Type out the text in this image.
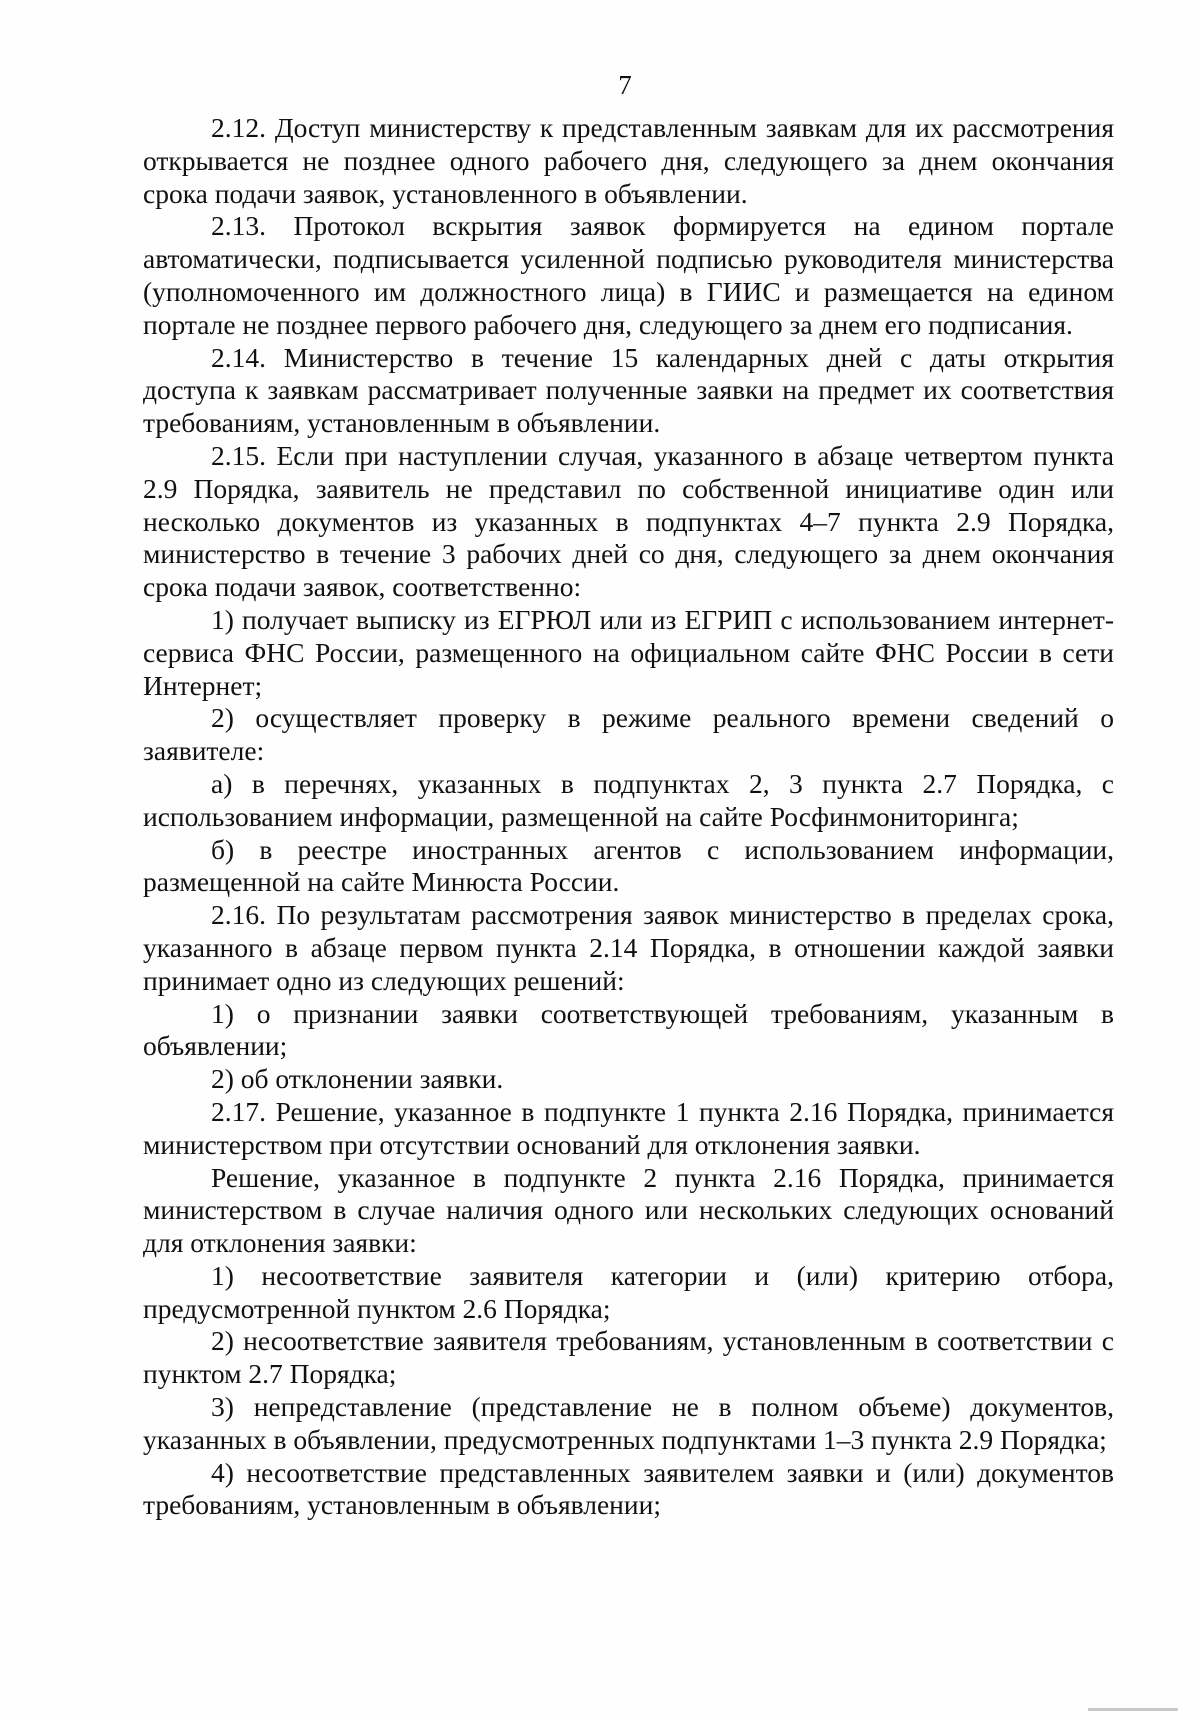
7

2.12. Доступ министерству к представленным заявкам для их рассмотрения открывается не позднее одного рабочего дня, следующего за днем окончания срока подачи заявок, установленного в объявлении.

2.13. Протокол вскрытия заявок формируется на едином портале автоматически, подписывается усиленной подписью руководителя министерства (уполномоченного им должностного лица) в ГИИС и размещается на едином портале не позднее первого рабочего дня, следующего за днем его подписания.

2.14. Министерство в течение 15 календарных дней с даты открытия доступа к заявкам рассматривает полученные заявки на предмет их соответствия требованиям, установленным в объявлении.

2.15. Если при наступлении случая, указанного в абзаце четвертом пункта 2.9 Порядка, заявитель не представил по собственной инициативе один или несколько документов из указанных в подпунктах 4–7 пункта 2.9 Порядка, министерство в течение 3 рабочих дней со дня, следующего за днем окончания срока подачи заявок, соответственно:

1) получает выписку из ЕГРЮЛ или из ЕГРИП с использованием интернет-сервиса ФНС России, размещенного на официальном сайте ФНС России в сети Интернет;

2) осуществляет проверку в режиме реального времени сведений о заявителе:

а) в перечнях, указанных в подпунктах 2, 3 пункта 2.7 Порядка, с использованием информации, размещенной на сайте Росфинмониторинга;

б) в реестре иностранных агентов с использованием информации, размещенной на сайте Минюста России.

2.16. По результатам рассмотрения заявок министерство в пределах срока, указанного в абзаце первом пункта 2.14 Порядка, в отношении каждой заявки принимает одно из следующих решений:

1) о признании заявки соответствующей требованиям, указанным в объявлении;

2) об отклонении заявки.

2.17. Решение, указанное в подпункте 1 пункта 2.16 Порядка, принимается министерством при отсутствии оснований для отклонения заявки.

Решение, указанное в подпункте 2 пункта 2.16 Порядка, принимается министерством в случае наличия одного или нескольких следующих оснований для отклонения заявки:

1) несоответствие заявителя категории и (или) критерию отбора, предусмотренной пунктом 2.6 Порядка;

2) несоответствие заявителя требованиям, установленным в соответствии с пунктом 2.7 Порядка;

3) непредставление (представление не в полном объеме) документов, указанных в объявлении, предусмотренных подпунктами 1–3 пункта 2.9 Порядка;

4) несоответствие представленных заявителем заявки и (или) документов требованиям, установленным в объявлении;
